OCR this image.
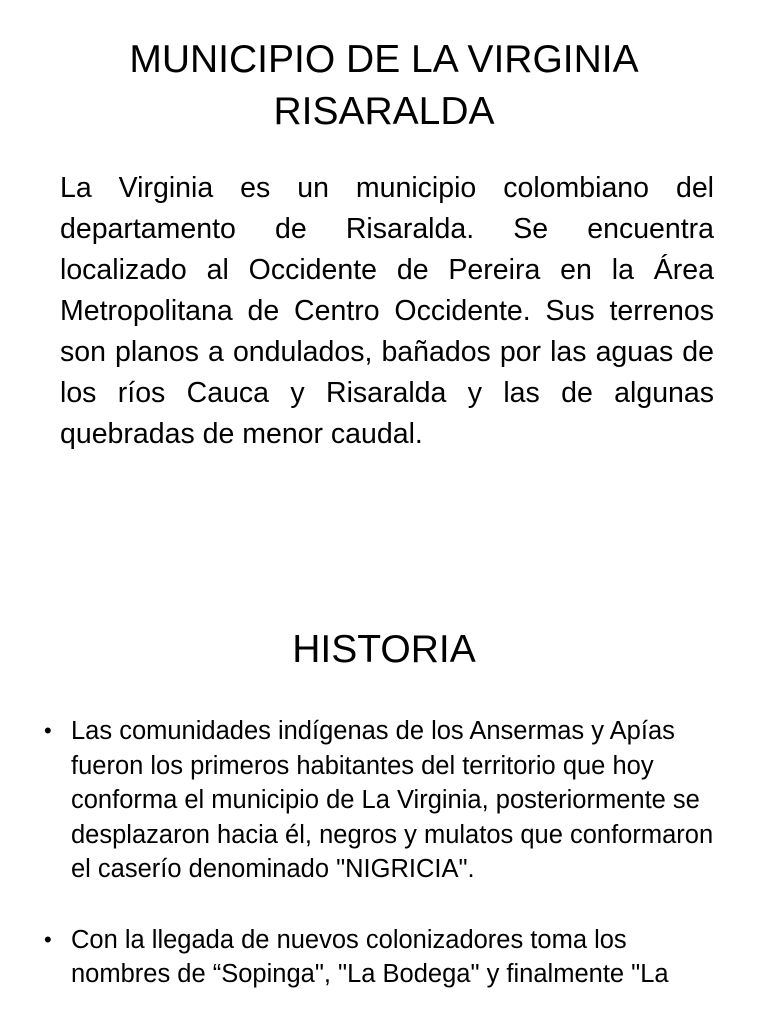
MUNICIPIO DE LA VIRGINIA
RISARALDA

La Virginia es un municipio colombiano del departamento de Risaralda. Se encuentra localizado al Occidente de Pereira en la Área Metropolitana de Centro Occidente. Sus terrenos son planos a ondulados, bañados por las aguas de los ríos Cauca y Risaralda y las de algunas quebradas de menor caudal.

HISTORIA
• Las comunidades indígenas de los Ansermas y Apías fueron los primeros habitantes del territorio que hoy conforma el municipio de La Virginia, posteriormente se desplazaron hacia él, negros y mulatos que conformaron el caserío denominado "NIGRICIA".
• Con la llegada de nuevos colonizadores toma los nombres de “Sopinga", "La Bodega" y finalmente "La
